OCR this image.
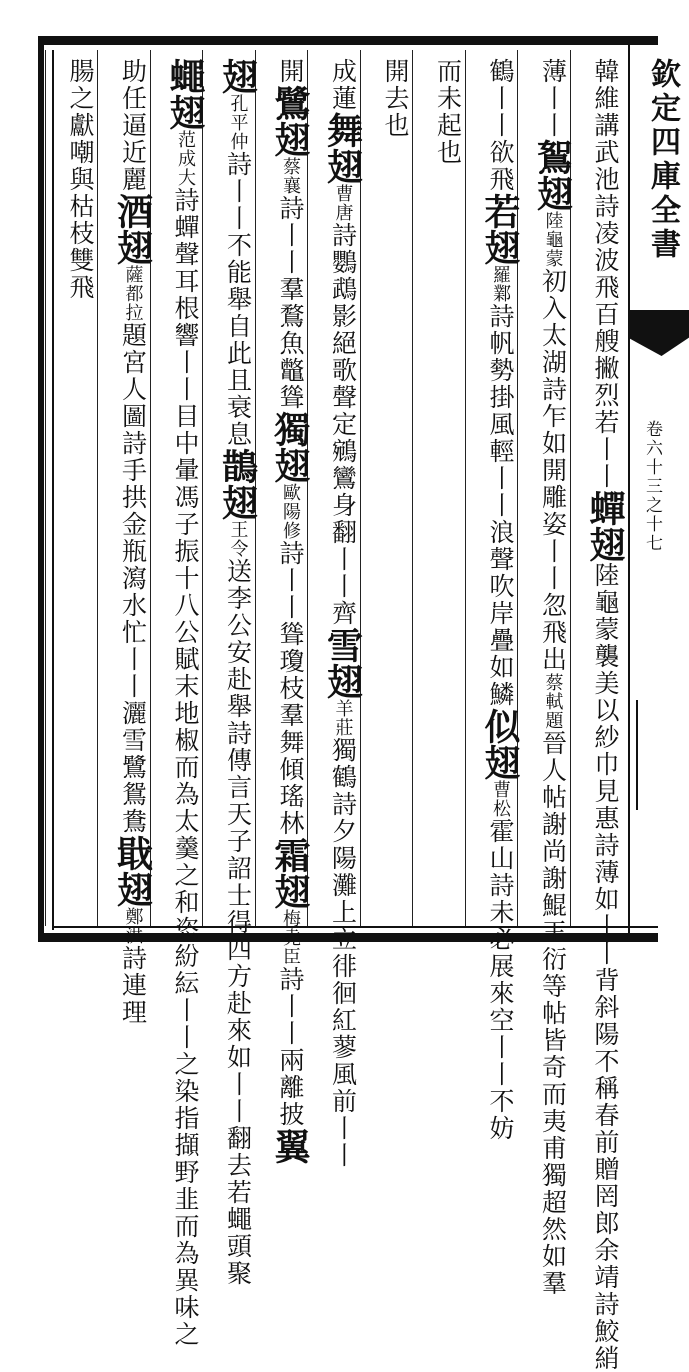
欽定四庫全書
卷六十三之十七
韓維講武池詩凌波飛百艘撇烈若丨丨蟬翅陸龜蒙襲美以紗巾見惠詩薄如丨丨背斜陽不稱春前贈罔郎余靖詩鮫綃
薄丨丨鴽翅陸龜蒙初入太湖詩乍如開雕姿丨丨忽飛出蔡軾題晉人帖謝尚謝鯤王衍等帖皆奇而夷甫獨超然如羣
鶴丨丨欲飛若翅羅鄴詩帆勢掛風輕丨丨浪聲吹岸疊如鱗似翅曹松霍山詩未必展來空丨丨不妨
而未起也
開去也
成蓮舞翅曹唐詩鸚鵡影絕歌聲定鵷鸞身翻丨丨齊雪翅羊莊獨鶴詩夕陽灘上立徘徊紅蓼風前丨丨
開鷺翅蔡襄詩丨丨羣鶩魚鼈聳獨翅歐陽修詩丨丨聳瓊枝羣舞傾瑤林霜翅梅堯臣詩丨丨兩離披翼
翅孔平仲詩丨丨不能舉自此且衰息鵲翅王令送李公安赴舉詩傳言天子詔士得四方赴來如丨丨翻去若蠅頭聚
蠅翅范成大詩蟬聲耳根響丨丨目中暈馮子振十八公賦末地椒而為太羹之和恣紛紜丨丨之染指擷野韭而為異味之
助任逼近麗酒翅薩都拉題宮人圖詩手拱金瓶瀉水忙丨丨灑雪鷺鴛鴦戢翅鄭洪詩連理
腸之獻嘲與枯枝雙飛
